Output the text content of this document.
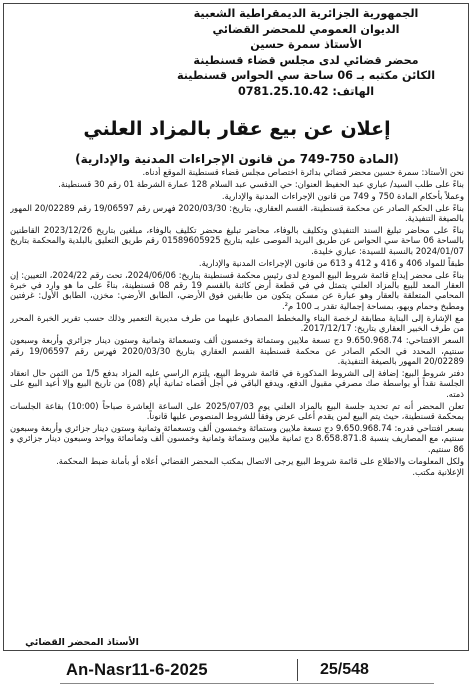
الجمهورية الجزائرية الديمقراطية الشعبية
الديوان العمومي للمحضر القضائي
الأستاذ سمرة حسين
محضر قضائي لدى مجلس قضاء قسنطينة
الكائن مكتبه بـ 06 ساحة سي الحواس قسنطينة
الهاتف: 0781.25.10.42
إعلان عن بيع عقار بالمزاد العلني
(المادة 750-749 من قانون الإجراءات المدنية والإدارية)

نحن الأستاذ: سمرة حسين محضر قضائي بدائرة اختصاص مجلس قضاء قسنطينة الموقع أدناه.

بناءً على طلب السيد/ عباري عبد الحفيظ العنوان: حي الدقسي عبد السلام 128 عمارة الشرطة 01 رقم 30 قسنطينة.

وعملاً بأحكام المادة 750 و 749 من قانون الإجراءات المدنية والإدارية.

بناءً على الحكم الصادر عن محكمة قسنطينة، القسم العقاري، بتاريخ: 2020/03/30 فهرس رقم 19/06597 رقم 20/02289 المهور بالصيغة التنفيذية.

بناءً على محاضر تبليغ السند التنفيذي وتكليف بالوفاء، محاضر تبليغ محضر تكليف بالوفاء، مبلغين بتاريخ 2023/12/26 القاطنين بالساحة 06 ساحة سي الحواس عن طريق البريد الموصى عليه بتاريخ 01589605925 رقم طريق التعليق بالبلدية والمحكمة بتاريخ 2024/01/07 بالنسبة للسيدة: عباري خليدة.

طبقاً للمواد 406 و 416 و 412 و 613 من قانون الإجراءات المدنية والإدارية.

بناءً على محضر إيداع قائمة شروط البيع المودع لدى رئيس محكمة قسنطينة بتاريخ: 2024/06/06، تحت رقم 2024/22، التعيين: إن العقار المعد للبيع بالمزاد العلني يتمثل في في قطعة أرض كائنة بالقسم 19 رقم 08 قسنطينة، بناءً على ما هو وارد في خبرة المحامي المتعلقة بالعقار وهو عبارة عن مسكن يتكون من طابقين فوق الأرضي، الطابق الأرضي: مخزن، الطابق الأول: غرفتين ومطبخ وحمام وبهو، بمساحة إجمالية تقدر بـ 100 م².

مع الإشارة إلى البناية مطابقة لرخصة البناء والمخطط المصادق عليهما من طرف مديرية التعمير وذلك حسب تقرير الخبرة المحرر من طرف الخبير العقاري بتاريخ: 2017/12/17.

السعر الافتتاحي: 9.650.968.74 دج تسعة ملايين وستمائة وخمسون ألف وتسعمائة وثمانية وستون دينار جزائري وأربعة وسبعون سنتيم، المحدد في الحكم الصادر عن محكمة قسنطينة القسم العقاري بتاريخ 2020/03/30 فهرس رقم 19/06597 رقم 20/02289 المهور بالصيغة التنفيذية.

دفتر شروط البيع: إضافة إلى الشروط المذكورة في قائمة شروط البيع، يلتزم الراسي عليه المزاد بدفع 1/5 من الثمن حال انعقاد الجلسة نقداً أو بواسطة صك مصرفي مقبول الدفع، ويدفع الباقي في أجل أقصاه ثمانية أيام (08) من تاريخ البيع وإلا أعيد البيع على ذمته.

تعلن المحضر أنه تم تحديد جلسة البيع بالمزاد العلني يوم 2025/07/03 على الساعة العاشرة صباحاً (10:00) بقاعة الجلسات بمحكمة قسنطينة، حيث يتم البيع لمن يقدم أعلى عرض وفقاً للشروط المنصوص عليها قانوناً.

بسعر افتتاحي قدره: 9.650.968.74 دج تسعة ملايين وستمائة وخمسون ألف وتسعمائة وثمانية وستون دينار جزائري وأربعة وسبعون سنتيم، مع المصاريف بنسبة 8.658.871.8 دج ثمانية ملايين وستمائة وثمانية وخمسون ألف وثمانمائة وواحد وسبعون دينار جزائري و 86 سنتيم.

ولكل المعلومات والاطلاع على قائمة شروط البيع يرجى الاتصال بمكتب المحضر القضائي أعلاه أو بأمانة ضبط المحكمة.

الإعلانية مكتب.

الأستاذ المحضر القضائي
An-Nasr11-6-2025	25/548
